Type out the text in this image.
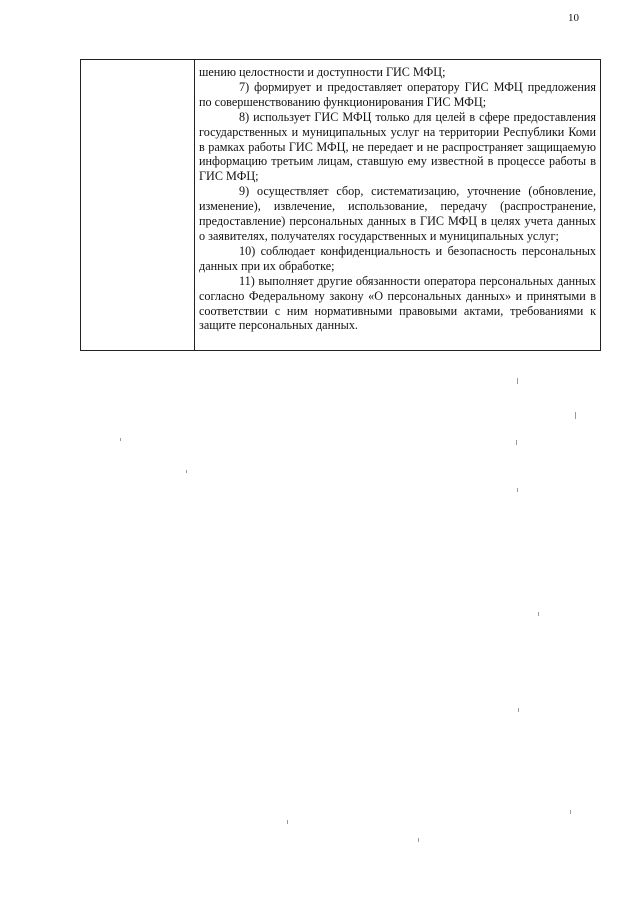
10

шению целостности и доступности ГИС МФЦ;

7) формирует и предоставляет оператору ГИС МФЦ предложения по совершенствованию функционирования ГИС МФЦ;

8) использует ГИС МФЦ только для целей в сфере предоставления государственных и муниципальных услуг на территории Республики Коми в рамках работы ГИС МФЦ, не передает и не распространяет защищаемую информацию третьим лицам, ставшую ему известной в процессе работы в ГИС МФЦ;

9) осуществляет сбор, систематизацию, уточнение (обновление, изменение), извлечение, использование, передачу (распространение, предоставление) персональных данных в ГИС МФЦ в целях учета данных о заявителях, получателях государственных и муниципальных услуг;

10) соблюдает конфиденциальность и безопасность персональных данных при их обработке;

11) выполняет другие обязанности оператора персональных данных согласно Федеральному закону «О персональных данных» и принятыми в соответствии с ним нормативными правовыми актами, требованиями к защите персональных данных.
